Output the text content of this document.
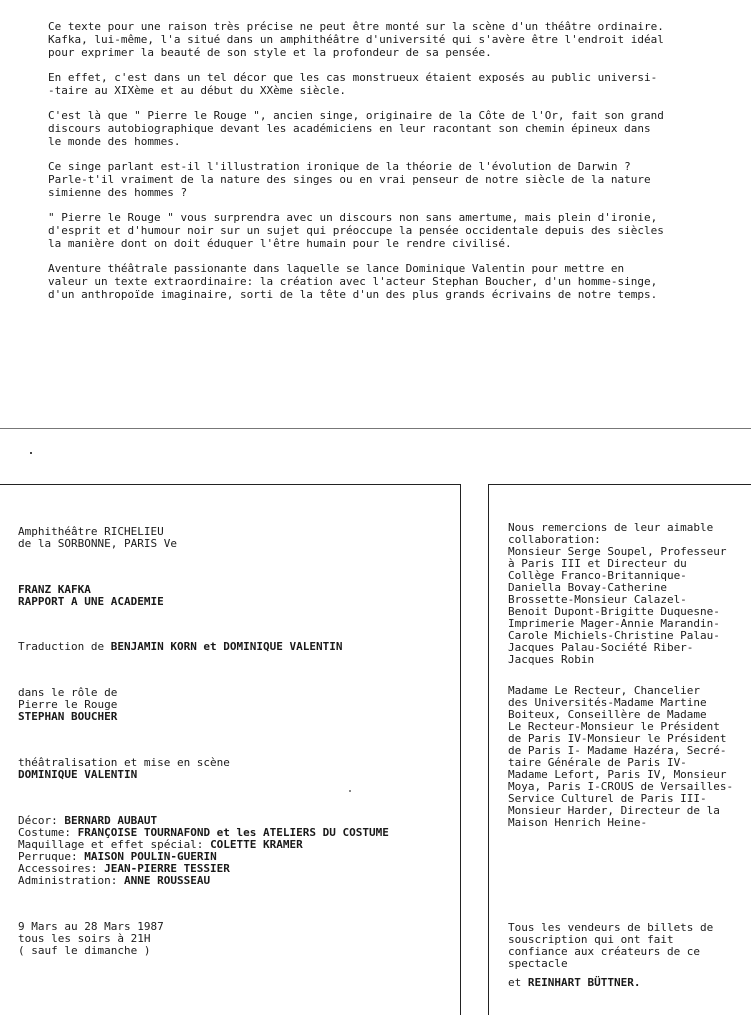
Ce texte pour une raison très précise ne peut être monté sur la scène d'un théâtre ordinaire.
Kafka, lui-même, l'a situé dans un amphithéâtre d'université qui s'avère être l'endroit idéal
pour exprimer la beauté de son style et la profondeur de sa pensée.

En effet, c'est dans un tel décor que les cas monstrueux étaient exposés au public universi-
-taire au XIXème et au début du XXème siècle.

C'est là que " Pierre le Rouge ", ancien singe, originaire de la Côte de l'Or, fait son grand
discours autobiographique devant les académiciens en leur racontant son chemin épineux dans
le monde des hommes.

Ce singe parlant est-il l'illustration ironique de la théorie de l'évolution de Darwin ?
Parle-t'il vraiment de la nature des singes ou en vrai penseur de notre siècle de la nature
simienne des hommes ?

" Pierre le Rouge " vous surprendra avec un discours non sans amertume, mais plein d'ironie,
d'esprit et d'humour noir sur un sujet qui préoccupe la pensée occidentale depuis des siècles
la manière dont on doit éduquer l'être humain pour le rendre civilisé.

Aventure théâtrale passionante dans laquelle se lance Dominique Valentin pour mettre en
valeur un texte extraordinaire: la création avec l'acteur Stephan Boucher, d'un homme-singe,
d'un anthropoïde imaginaire, sorti de la tête d'un des plus grands écrivains de notre temps.

Amphithéâtre RICHELIEU
de la SORBONNE, PARIS Ve
FRANZ KAFKA
RAPPORT A UNE ACADEMIE
Traduction de BENJAMIN KORN et DOMINIQUE VALENTIN
dans le rôle de
Pierre le Rouge
STEPHAN BOUCHER
théâtralisation et mise en scène
DOMINIQUE VALENTIN
Décor: BERNARD AUBAUT
Costume: FRANÇOISE TOURNAFOND et les ATELIERS DU COSTUME
Maquillage et effet spécial: COLETTE KRAMER
Perruque: MAISON POULIN-GUERIN
Accessoires: JEAN-PIERRE TESSIER
Administration: ANNE ROUSSEAU
9 Mars au 28 Mars 1987
tous les soirs à 21H
( sauf le dimanche )
Nous remercions de leur aimable
collaboration:
Monsieur Serge Soupel, Professeur
à Paris III et Directeur du
Collège Franco-Britannique-
Daniella Bovay-Catherine
Brossette-Monsieur Calazel-
Benoit Dupont-Brigitte Duquesne-
Imprimerie Mager-Annie Marandin-
Carole Michiels-Christine Palau-
Jacques Palau-Société Riber-
Jacques Robin
Madame Le Recteur, Chancelier
des Universités-Madame Martine
Boiteux, Conseillère de Madame
Le Recteur-Monsieur le Président
de Paris IV-Monsieur le Président
de Paris I- Madame Hazéra, Secré-
taire Générale de Paris IV-
Madame Lefort, Paris IV, Monsieur
Moya, Paris I-CROUS de Versailles-
Service Culturel de Paris III-
Monsieur Harder, Directeur de la
Maison Henrich Heine-
Tous les vendeurs de billets de
souscription qui ont fait
confiance aux créateurs de ce
spectacle
et REINHART BÜTTNER.
